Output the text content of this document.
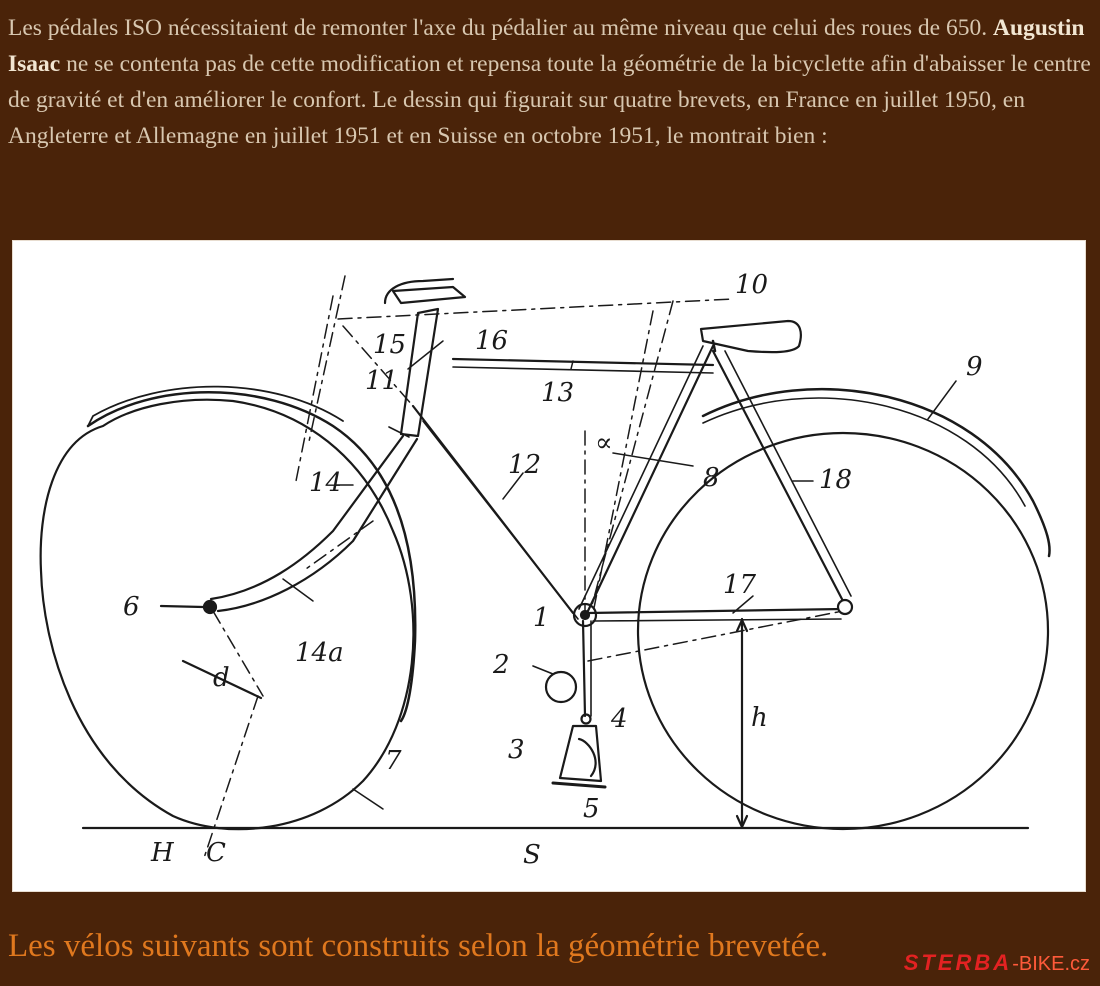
Les pédales ISO nécessitaient de remonter l'axe du pédalier au même niveau que celui des roues de 650. Augustin Isaac ne se contenta pas de cette modification et repensa toute la géométrie de la bicyclette afin d'abaisser le centre de gravité et d'en améliorer le confort. Le dessin qui figurait sur quatre brevets, en France en juillet 1950, en Angleterre et Allemagne en juillet 1951 et en Suisse en octobre 1951, le montrait bien :

1
2
3
4
5
6
7
8
9
10
11
12
13
14
14a
15	16
17
18
∝
d
h
H C	S
Les vélos suivants sont construits selon la géométrie brevetée.	STERBA-BIKE.cz
